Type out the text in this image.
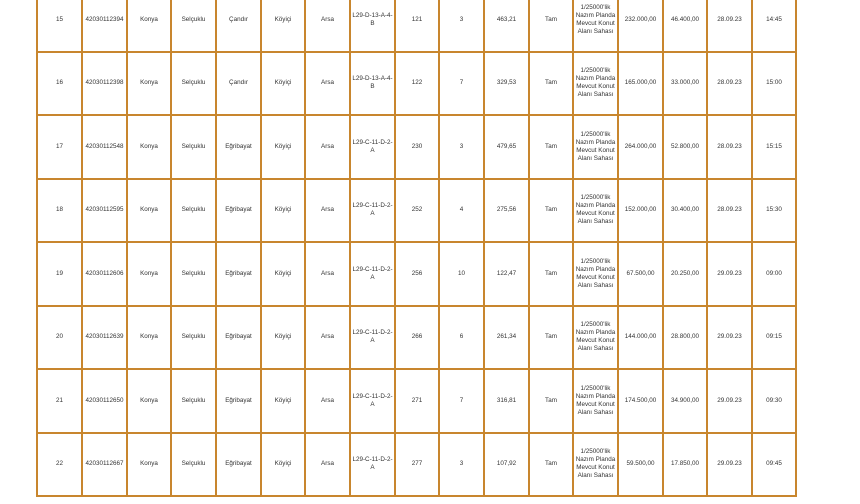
15	42030112394	Konya	Selçuklu	Çandır	Köyiçi	Arsa	L29-D-13-A-4-B	121	3	463,21	Tam	1/25000'lik Nazım Planda Mevcut Konut Alanı Sahası	232.000,00	46.400,00	28.09.23	14:45
16	42030112398	Konya	Selçuklu	Çandır	Köyiçi	Arsa	L29-D-13-A-4-B	122	7	329,53	Tam	1/25000'lik Nazım Planda Mevcut Konut Alanı Sahası	165.000,00	33.000,00	28.09.23	15:00
17	42030112548	Konya	Selçuklu	Eğribayat	Köyiçi	Arsa	L29-C-11-D-2-A	230	3	479,65	Tam	1/25000'lik Nazım Planda Mevcut Konut Alanı Sahası	264.000,00	52.800,00	28.09.23	15:15
18	42030112595	Konya	Selçuklu	Eğribayat	Köyiçi	Arsa	L29-C-11-D-2-A	252	4	275,56	Tam	1/25000'lik Nazım Planda Mevcut Konut Alanı Sahası	152.000,00	30.400,00	28.09.23	15:30
19	42030112606	Konya	Selçuklu	Eğribayat	Köyiçi	Arsa	L29-C-11-D-2-A	256	10	122,47	Tam	1/25000'lik Nazım Planda Mevcut Konut Alanı Sahası	67.500,00	20.250,00	29.09.23	09:00
20	42030112639	Konya	Selçuklu	Eğribayat	Köyiçi	Arsa	L29-C-11-D-2-A	266	6	261,34	Tam	1/25000'lik Nazım Planda Mevcut Konut Alanı Sahası	144.000,00	28.800,00	29.09.23	09:15
21	42030112650	Konya	Selçuklu	Eğribayat	Köyiçi	Arsa	L29-C-11-D-2-A	271	7	316,81	Tam	1/25000'lik Nazım Planda Mevcut Konut Alanı Sahası	174.500,00	34.900,00	29.09.23	09:30
22	42030112667	Konya	Selçuklu	Eğribayat	Köyiçi	Arsa	L29-C-11-D-2-A	277	3	107,92	Tam	1/25000'lik Nazım Planda Mevcut Konut Alanı Sahası	59.500,00	17.850,00	29.09.23	09:45
